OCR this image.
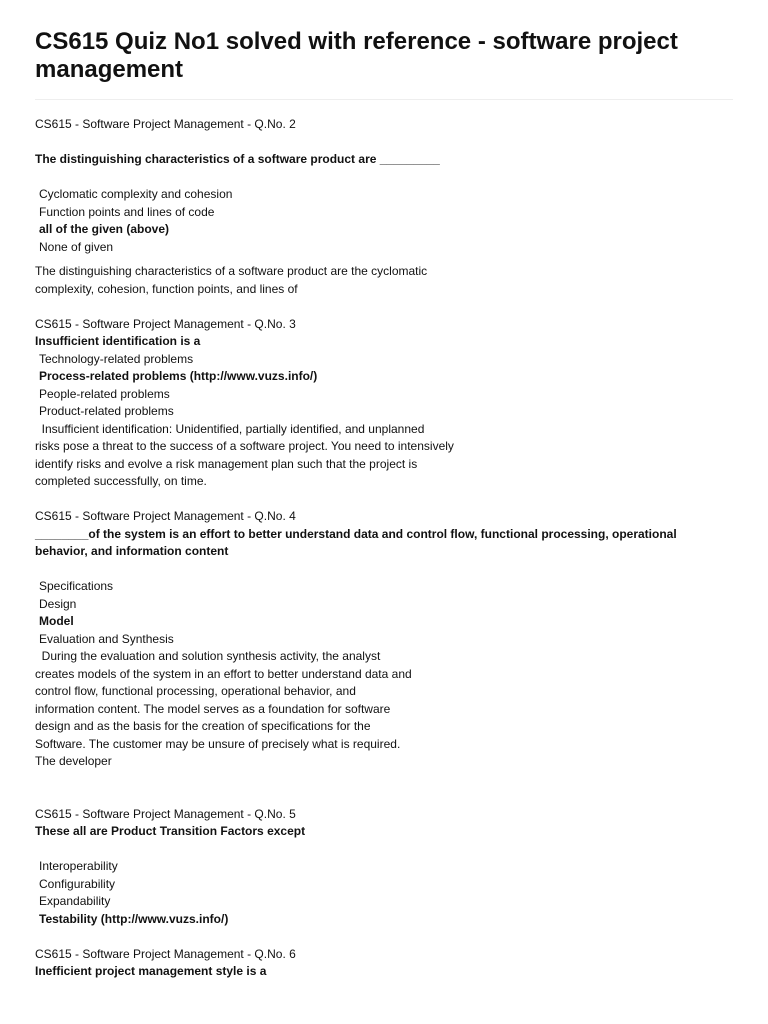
CS615 Quiz No1 solved with reference - software project management
CS615 - Software Project Management - Q.No. 2
The distinguishing characteristics of a software product are _________
Cyclomatic complexity and cohesion
Function points and lines of code
all of the given (above)
None of given
The distinguishing characteristics of a software product are the cyclomatic
complexity, cohesion, function points, and lines of
CS615 - Software Project Management - Q.No. 3
Insufficient identification is a
Technology-related problems
Process-related problems (http://www.vuzs.info/)
People-related problems
Product-related problems
Insufficient identification: Unidentified, partially identified, and unplanned
risks pose a threat to the success of a software project. You need to intensively
identify risks and evolve a risk management plan such that the project is
completed successfully, on time.
CS615 - Software Project Management - Q.No. 4
________of the system is an effort to better understand data and control flow, functional processing, operational
behavior, and information content
Specifications
Design
Model
Evaluation and Synthesis
During the evaluation and solution synthesis activity, the analyst
creates models of the system in an effort to better understand data and
control flow, functional processing, operational behavior, and
information content. The model serves as a foundation for software
design and as the basis for the creation of specifications for the
Software. The customer may be unsure of precisely what is required.
The developer
CS615 - Software Project Management - Q.No. 5
These all are Product Transition Factors except
Interoperability
Configurability
Expandability
Testability (http://www.vuzs.info/)
CS615 - Software Project Management - Q.No. 6
Inefficient project management style is a
